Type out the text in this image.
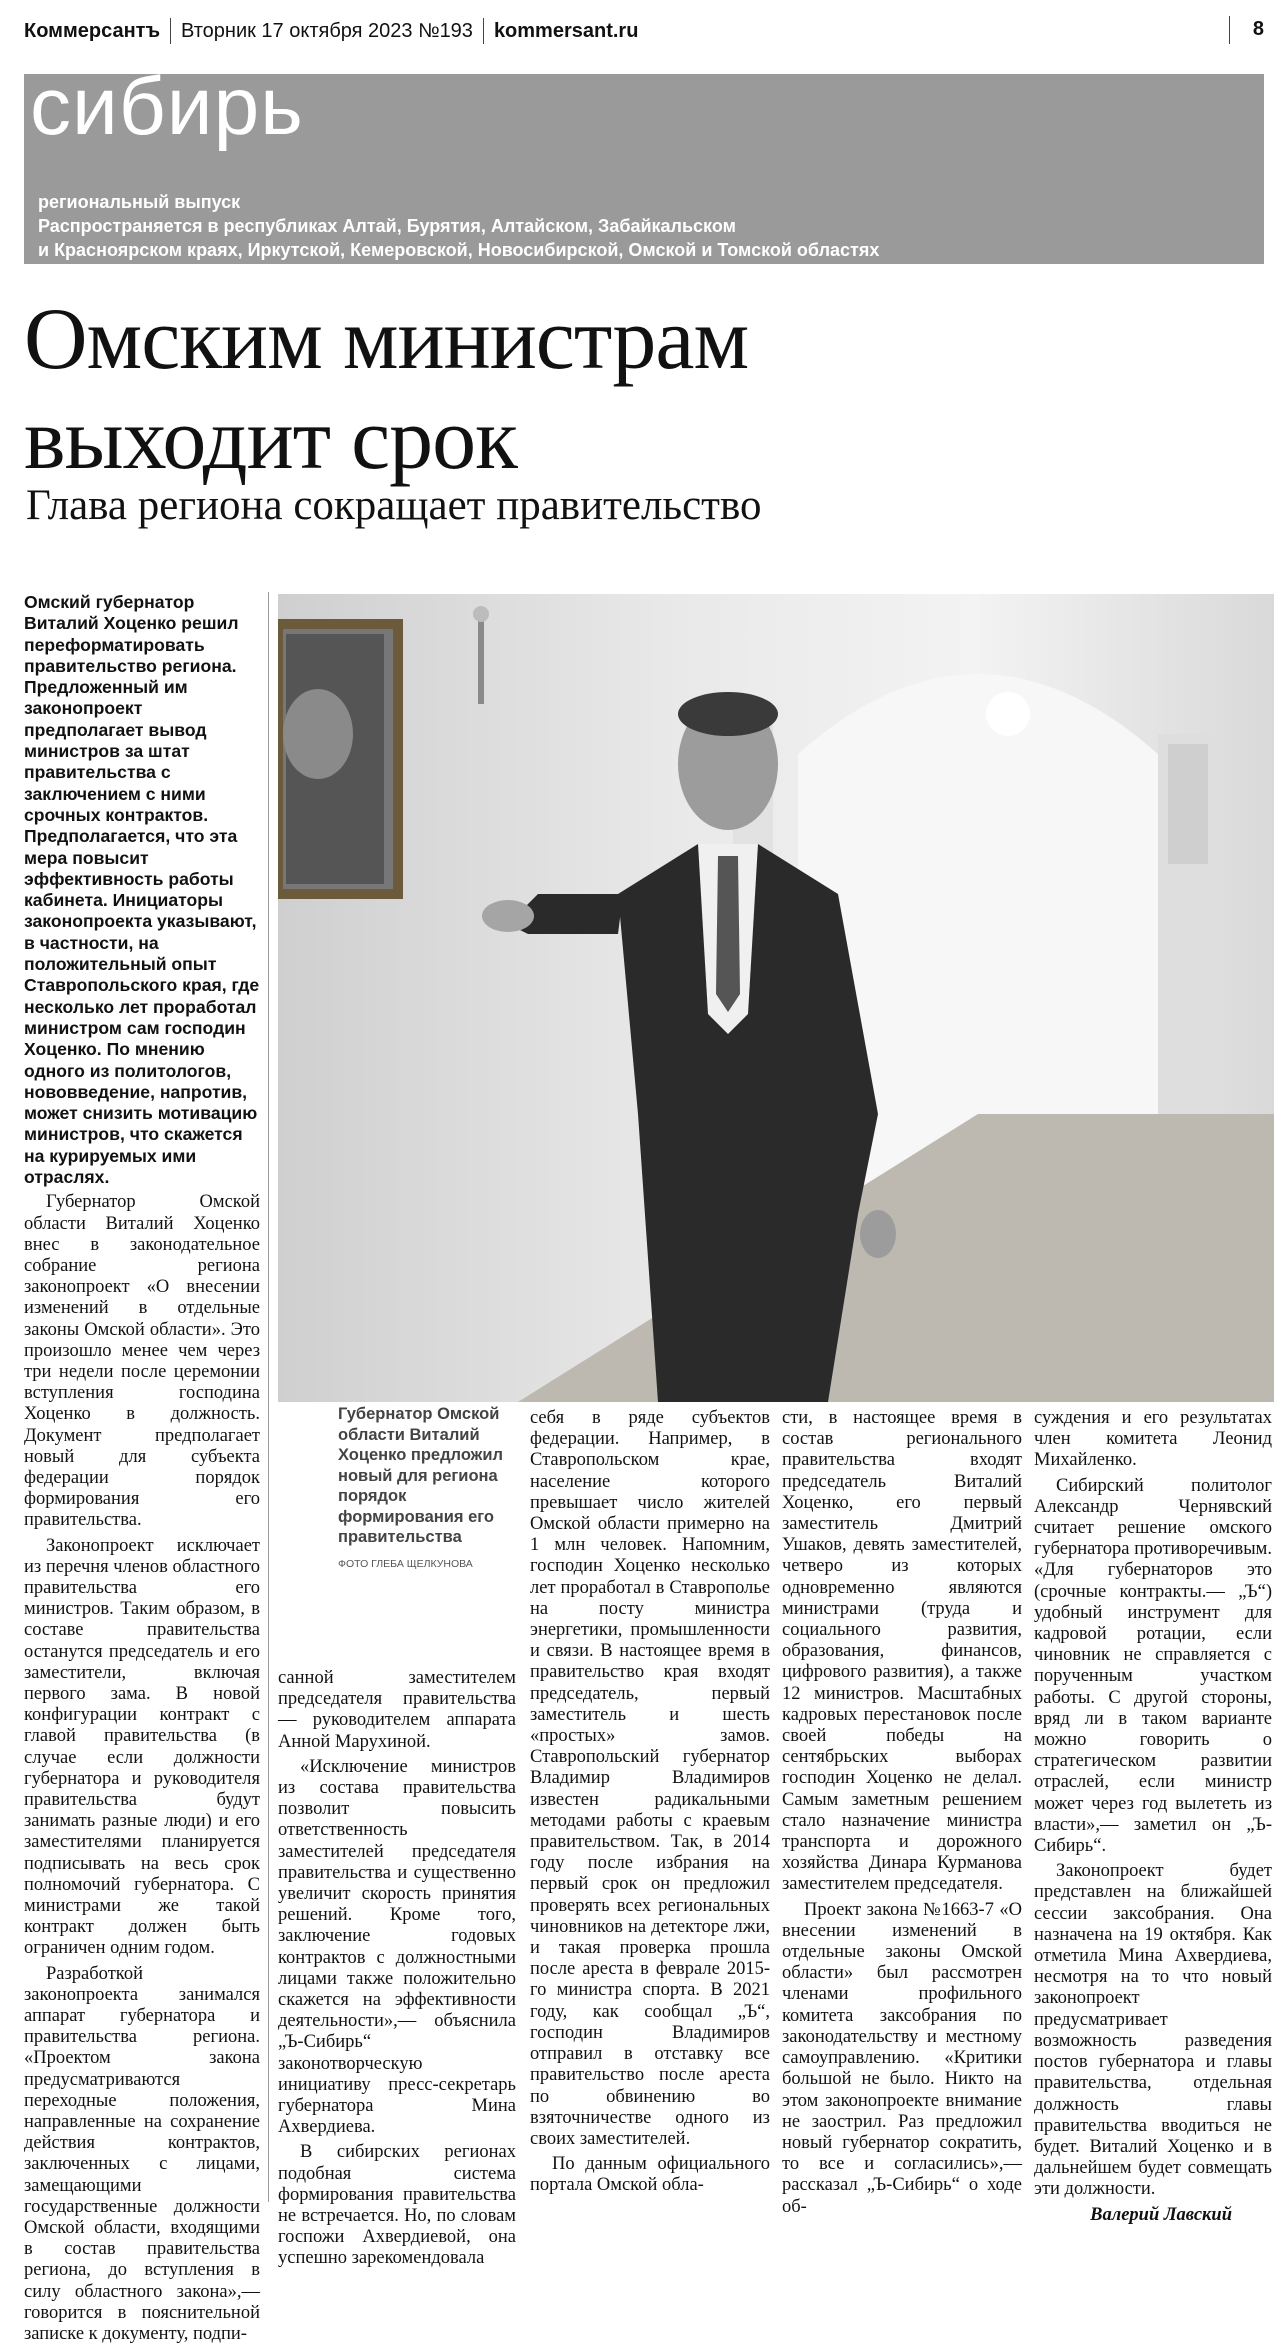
Коммерсантъ Вторник 17 октября 2023 №193 kommersant.ru	8
сибирь
региональный выпуск
Распространяется в республиках Алтай, Бурятия, Алтайском, Забайкальском
и Красноярском краях, Иркутской, Кемеровской, Новосибирской, Омской и Томской областях
Омским министрам
выходит срок
Глава региона сокращает правительство

Омский губернатор Виталий Хоценко решил переформатировать правительство региона. Предложенный им законопроект предполагает вывод министров за штат правительства с заключением с ними срочных контрактов. Предполагается, что эта мера повысит эффективность работы кабинета. Инициаторы законопроекта указывают, в частности, на положительный опыт Ставропольского края, где несколько лет проработал министром сам господин Хоценко. По мнению одного из политологов, нововведение, напротив, может снизить мотивацию министров, что скажется на курируемых ими отраслях.

Губернатор Омской области Виталий Хоценко внес в законодательное собрание региона законопроект «О внесении изменений в отдельные законы Омской области». Это произошло менее чем через три недели после церемонии вступления господина Хоценко в должность. Документ предполагает новый для субъекта федерации порядок формирования его правительства.

Законопроект исключает из перечня членов областного правительства его министров. Таким образом, в составе правительства останутся председатель и его заместители, включая первого зама. В новой конфигурации контракт с главой правительства (в случае если должности губернатора и руководителя правительства будут занимать разные люди) и его заместителями планируется подписывать на весь срок полномочий губернатора. С министрами же такой контракт должен быть ограничен одним годом.

Разработкой законопроекта занимался аппарат губернатора и правительства региона. «Проектом закона предусматриваются переходные положения, направленные на сохранение действия контрактов, заключенных с лицами, замещающими государственные должности Омской области, входящими в состав правительства региона, до вступления в силу областного закона»,— говорится в пояснительной записке к документу, подпи-

Губернатор Омской области Виталий Хоценко предложил новый для региона порядок формирования его правительства
ФОТО ГЛЕБА ЩЕЛКУНОВА

санной заместителем председателя правительства — руководителем аппарата Анной Марухиной.

«Исключение министров из состава правительства позволит повысить ответственность заместителей председателя правительства и существенно увеличит скорость принятия решений. Кроме того, заключение годовых контрактов с должностными лицами также положительно скажется на эффективности деятельности»,— объяснила „Ъ-Сибирь“ законотворческую инициативу пресс-секретарь губернатора Мина Ахвердиева.

В сибирских регионах подобная система формирования правительства не встречается. Но, по словам госпожи Ахвердиевой, она успешно зарекомендовала

себя в ряде субъектов федерации. Например, в Ставропольском крае, население которого превышает число жителей Омской области примерно на 1 млн человек. Напомним, господин Хоценко несколько лет проработал в Ставрополье на посту министра энергетики, промышленности и связи. В настоящее время в правительство края входят председатель, первый заместитель и шесть «простых» замов. Ставропольский губернатор Владимир Владимиров известен радикальными методами работы с краевым правительством. Так, в 2014 году после избрания на первый срок он предложил проверять всех региональных чиновников на детекторе лжи, и такая проверка прошла после ареста в феврале 2015-го министра спорта. В 2021 году, как сообщал „Ъ“, господин Владимиров отправил в отставку все правительство после ареста по обвинению во взяточничестве одного из своих заместителей.

По данным официального портала Омской обла-

сти, в настоящее время в состав регионального правительства входят председатель Виталий Хоценко, его первый заместитель Дмитрий Ушаков, девять заместителей, четверо из которых одновременно являются министрами (труда и социального развития, образования, финансов, цифрового развития), а также 12 министров. Масштабных кадровых перестановок после своей победы на сентябрьских выборах господин Хоценко не делал. Самым заметным решением стало назначение министра транспорта и дорожного хозяйства Динара Курманова заместителем председателя.

Проект закона №1663-7 «О внесении изменений в отдельные законы Омской области» был рассмотрен членами профильного комитета заксобрания по законодательству и местному самоуправлению. «Критики большой не было. Никто на этом законопроекте внимание не заострил. Раз предложил новый губернатор сократить, то все и согласились»,— рассказал „Ъ-Сибирь“ о ходе об-

суждения и его результатах член комитета Леонид Михайленко.

Сибирский политолог Александр Чернявский считает решение омского губернатора противоречивым. «Для губернаторов это (срочные контракты.— „Ъ“) удобный инструмент для кадровой ротации, если чиновник не справляется с порученным участком работы. С другой стороны, вряд ли в таком варианте можно говорить о стратегическом развитии отраслей, если министр может через год вылететь из власти»,— заметил он „Ъ-Сибирь“.

Законопроект будет представлен на ближайшей сессии заксобрания. Она назначена на 19 октября. Как отметила Мина Ахвердиева, несмотря на то что новый законопроект предусматривает возможность разведения постов губернатора и главы правительства, отдельная должность главы правительства вводиться не будет. Виталий Хоценко и в дальнейшем будет совмещать эти должности.

Валерий Лавский
